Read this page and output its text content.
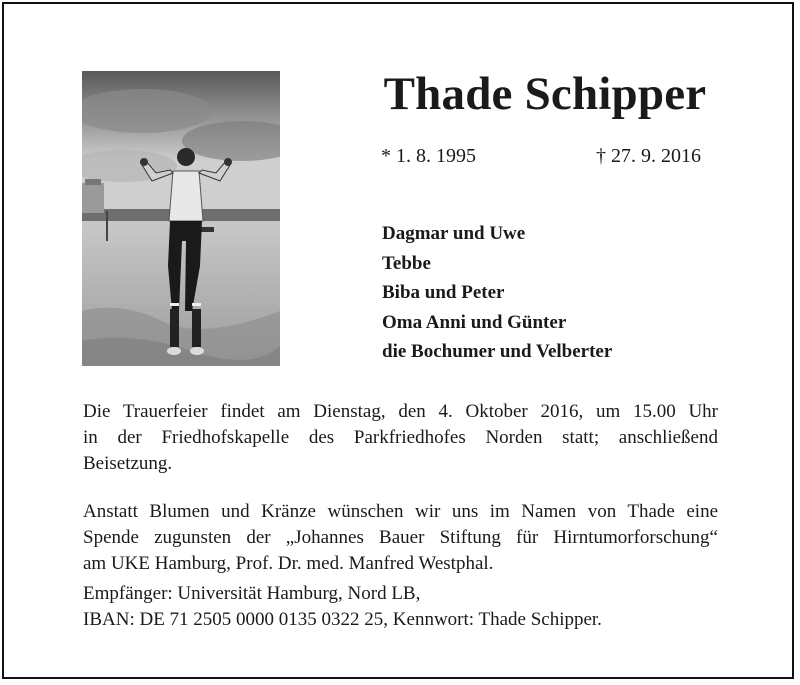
Thade Schipper
* 1. 8. 1995	† 27. 9. 2016
Dagmar und Uwe
Tebbe
Biba und Peter
Oma Anni und Günter
die Bochumer und Velberter
Die Trauerfeier findet am Dienstag, den 4. Oktober 2016, um 15.00 Uhr
in der Friedhofskapelle des Parkfriedhofes Norden statt; anschließend
Beisetzung.
Anstatt Blumen und Kränze wünschen wir uns im Namen von Thade eine
Spende zugunsten der „Johannes Bauer Stiftung für Hirntumorforschung“
am UKE Hamburg, Prof. Dr. med. Manfred Westphal.
Empfänger: Universität Hamburg, Nord LB,
IBAN: DE 71 2505 0000 0135 0322 25, Kennwort: Thade Schipper.
